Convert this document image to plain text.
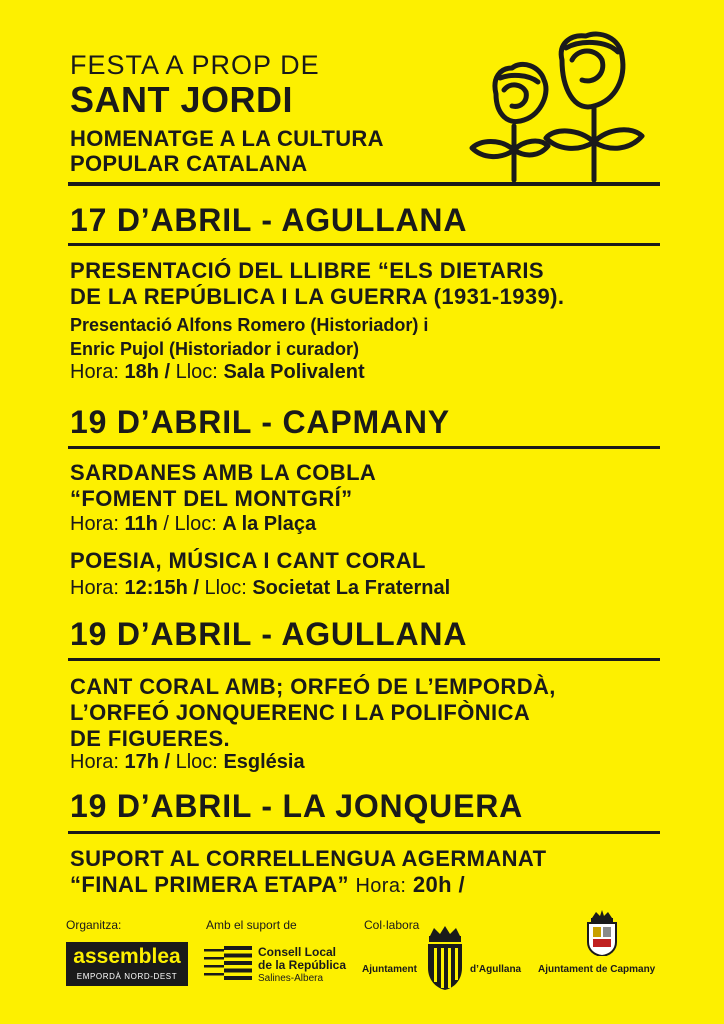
FESTA A PROP DE
SANT JORDI
HOMENATGE A LA CULTURA
POPULAR CATALANA
17 D’ABRIL - AGULLANA
PRESENTACIÓ DEL LLIBRE “ELS DIETARIS
DE LA REPÚBLICA I LA GUERRA (1931-1939).
Presentació Alfons Romero (Historiador) i
Enric Pujol (Historiador i curador)
Hora: 18h / Lloc: Sala Polivalent
19 D’ABRIL - CAPMANY
SARDANES AMB LA COBLA
“FOMENT DEL MONTGRÍ”
Hora: 11h / Lloc: A la Plaça
POESIA, MÚSICA I CANT CORAL
Hora: 12:15h / Lloc: Societat La Fraternal
19 D’ABRIL - AGULLANA
CANT CORAL AMB; ORFEÓ DE L’EMPORDÀ,
L’ORFEÓ JONQUERENC I LA POLIFÒNICA
DE FIGUERES.
Hora: 17h / Lloc: Església
19 D’ABRIL - LA JONQUERA
SUPORT AL CORRELLENGUA AGERMANAT
“FINAL PRIMERA ETAPA” Hora: 20h /
Organitza:	Amb el suport de	Col·labora
assemblea
EMPORDÀ NORD-DEST
Consell Local
de la República
Salines-Albera
Ajuntament	d’Agullana Ajuntament de Capmany
